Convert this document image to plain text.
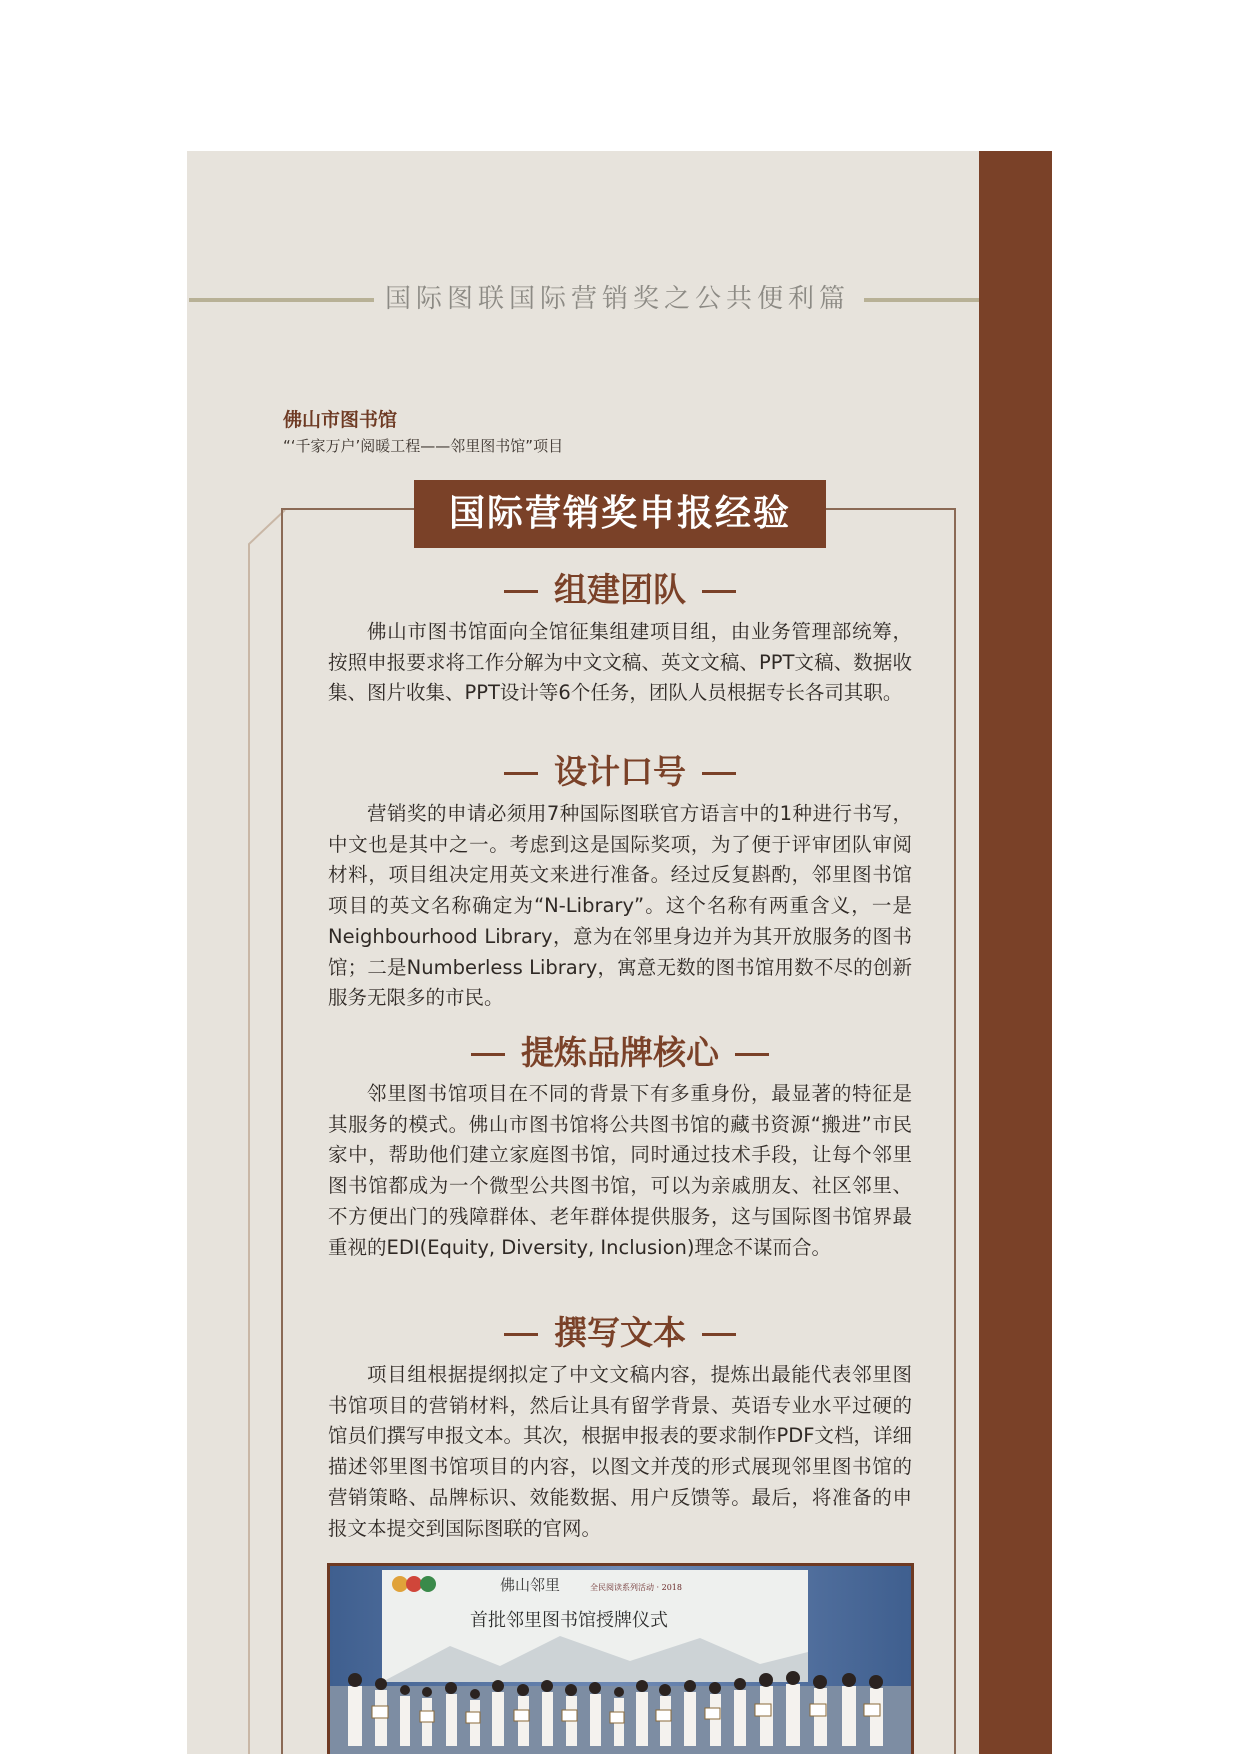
国际图联国际营销奖之公共便利篇
佛山市图书馆
“‘千家万户’阅暖工程——邻里图书馆”项目
国际营销奖申报经验
组建团队

佛山市图书馆面向全馆征集组建项目组，由业务管理部统筹，按照申报要求将工作分解为中文文稿、英文文稿、PPT文稿、数据收集、图片收集、PPT设计等6个任务，团队人员根据专长各司其职。

设计口号

营销奖的申请必须用7种国际图联官方语言中的1种进行书写，中文也是其中之一。考虑到这是国际奖项，为了便于评审团队审阅材料，项目组决定用英文来进行准备。经过反复斟酌，邻里图书馆项目的英文名称确定为“N-Library”。这个名称有两重含义，一是Neighbourhood Library，意为在邻里身边并为其开放服务的图书馆；二是Numberless Library，寓意无数的图书馆用数不尽的创新服务无限多的市民。

提炼品牌核心

邻里图书馆项目在不同的背景下有多重身份，最显著的特征是其服务的模式。佛山市图书馆将公共图书馆的藏书资源“搬进”市民家中，帮助他们建立家庭图书馆，同时通过技术手段，让每个邻里图书馆都成为一个微型公共图书馆，可以为亲戚朋友、社区邻里、不方便出门的残障群体、老年群体提供服务，这与国际图书馆界最重视的EDI(Equity, Diversity, Inclusion)理念不谋而合。

撰写文本

项目组根据提纲拟定了中文文稿内容，提炼出最能代表邻里图书馆项目的营销材料，然后让具有留学背景、英语专业水平过硬的馆员们撰写申报文本。其次，根据申报表的要求制作PDF文档，详细描述邻里图书馆项目的内容，以图文并茂的形式展现邻里图书馆的营销策略、品牌标识、效能数据、用户反馈等。最后，将准备的申报文本提交到国际图联的官网。

佛山邻里	全民阅读系列活动 · 2018
首批邻里图书馆授牌仪式
